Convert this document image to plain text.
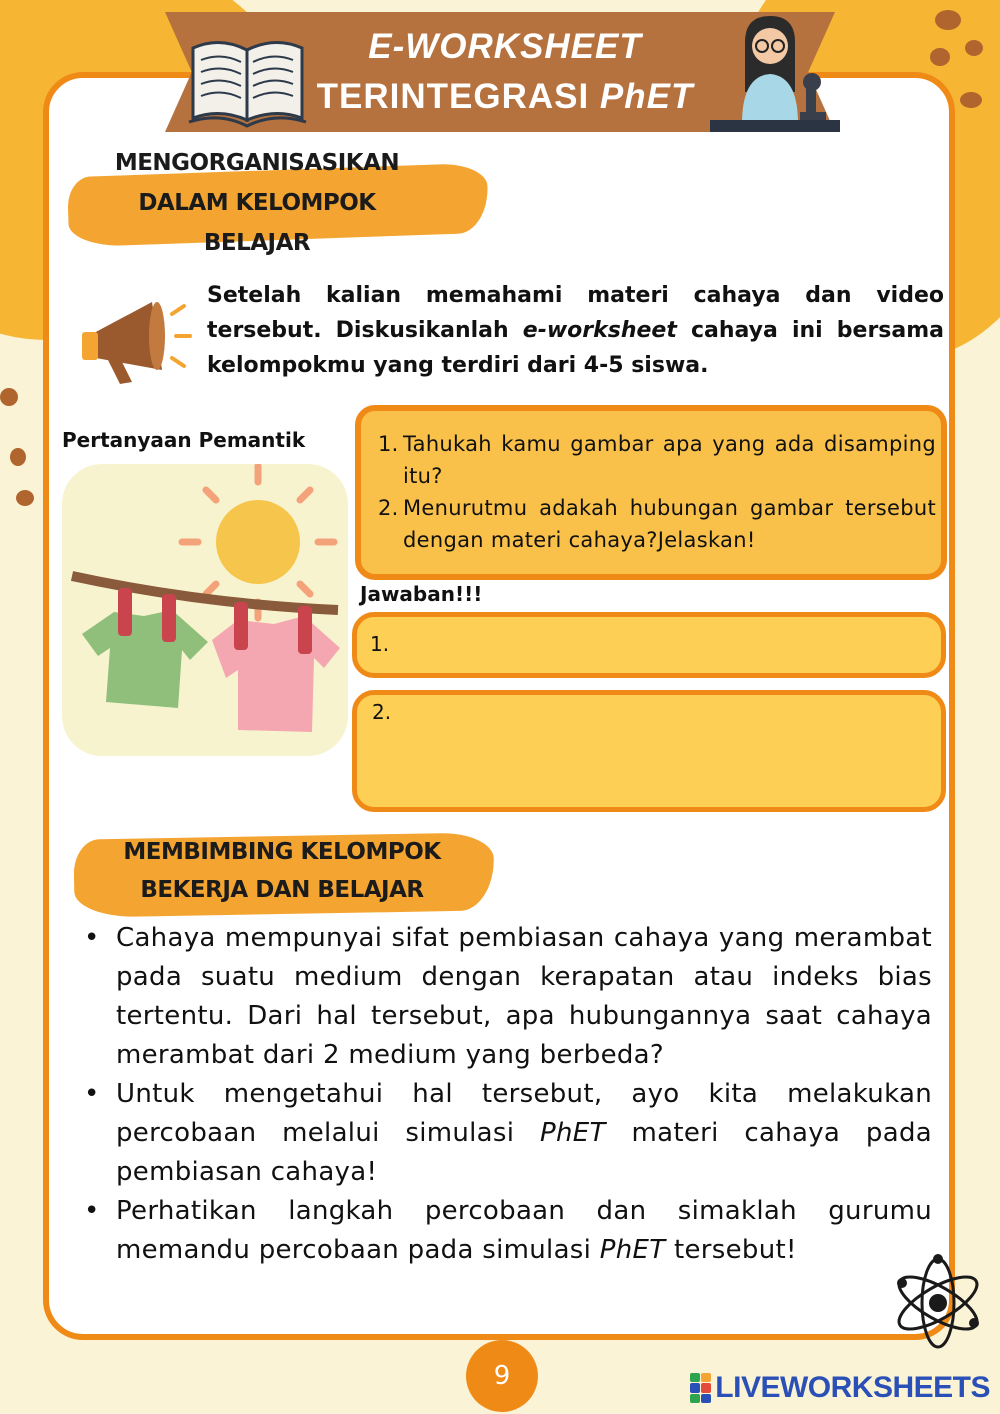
E-WORKSHEET
TERINTEGRASI PhET
MENGORGANISASIKAN
DALAM KELOMPOK
BELAJAR
Setelah kalian memahami materi cahaya dan video tersebut. Diskusikanlah e-worksheet cahaya ini bersama kelompokmu yang terdiri dari 4-5 siswa.
Pertanyaan Pemantik	1. Tahukah kamu gambar apa yang ada disamping itu?
2. Menurutmu adakah hubungan gambar tersebut dengan materi cahaya?Jelaskan!
Jawaban!!!
1.
2.
MEMBIMBING KELOMPOK
BEKERJA DAN BELAJAR
• Cahaya mempunyai sifat pembiasan cahaya yang merambat pada suatu medium dengan kerapatan atau indeks bias tertentu. Dari hal tersebut, apa hubungannya saat cahaya merambat dari 2 medium yang berbeda?
• Untuk mengetahui hal tersebut, ayo kita melakukan percobaan melalui simulasi PhET materi cahaya pada pembiasan cahaya!
• Perhatikan langkah percobaan dan simaklah gurumu memandu percobaan pada simulasi PhET tersebut!
9	LIVEWORKSHEETS
